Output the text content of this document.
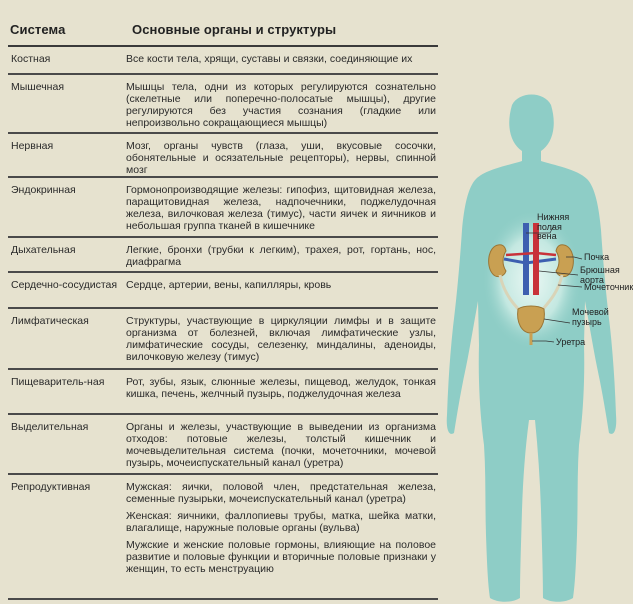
Система	Основные органы и структуры
Костная	Все кости тела, хрящи, суставы и связки, соединяющие их
Мышечная	Мышцы тела, одни из которых регулируются сознательно (скелетные или поперечно-полосатые мышцы), другие регулируются без участия сознания (гладкие или непроизвольно сокращающиеся мышцы)
Нервная	Мозг, органы чувств (глаза, уши, вкусовые сосочки, обонятельные и осязательные рецепторы), нервы, спинной мозг
Эндокринная	Гормонопроизводящие железы: гипофиз, щитовидная железа, паращитовидная железа, надпочечники, поджелудочная железа, вилочковая железа (тимус), части яичек и яичников и небольшая группа тканей в кишечнике
Дыхательная	Легкие, бронхи (трубки к легким), трахея, рот, гортань, нос, диафрагма
Сердечно-сосудистая Сердце, артерии, вены, капилляры, кровь
Лимфатическая	Структуры, участвующие в циркуляции лимфы и в защите организма от болезней, включая лимфатические узлы, лимфатические сосуды, селезенку, миндалины, аденоиды, вилочковую железу (тимус)
Пищеваритель-ная	Рот, зубы, язык, слюнные железы, пищевод, желудок, тонкая кишка, печень, желчный пузырь, поджелудочная железа
Выделительная	Органы и железы, участвующие в выведении из организма отходов: потовые железы, толстый кишечник и мочевыделительная система (почки, мочеточники, мочевой пузырь, мочеиспускательный канал (уретра)
Репродуктивная	Мужская: яички, половой член, предстательная железа, семенные пузырьки, мочеиспускательный канал (уретра)
Женская: яичники, фаллопиевы трубы, матка, шейка матки, влагалище, наружные половые органы (вульва)
Мужские и женские половые гормоны, влияющие на половое развитие и половые функции и вторичные половые признаки у женщин, то есть менструацию
Нижняя полая вена
Почка
Брюшная аорта
Мочеточник
Мочевой пузырь
Уретра
